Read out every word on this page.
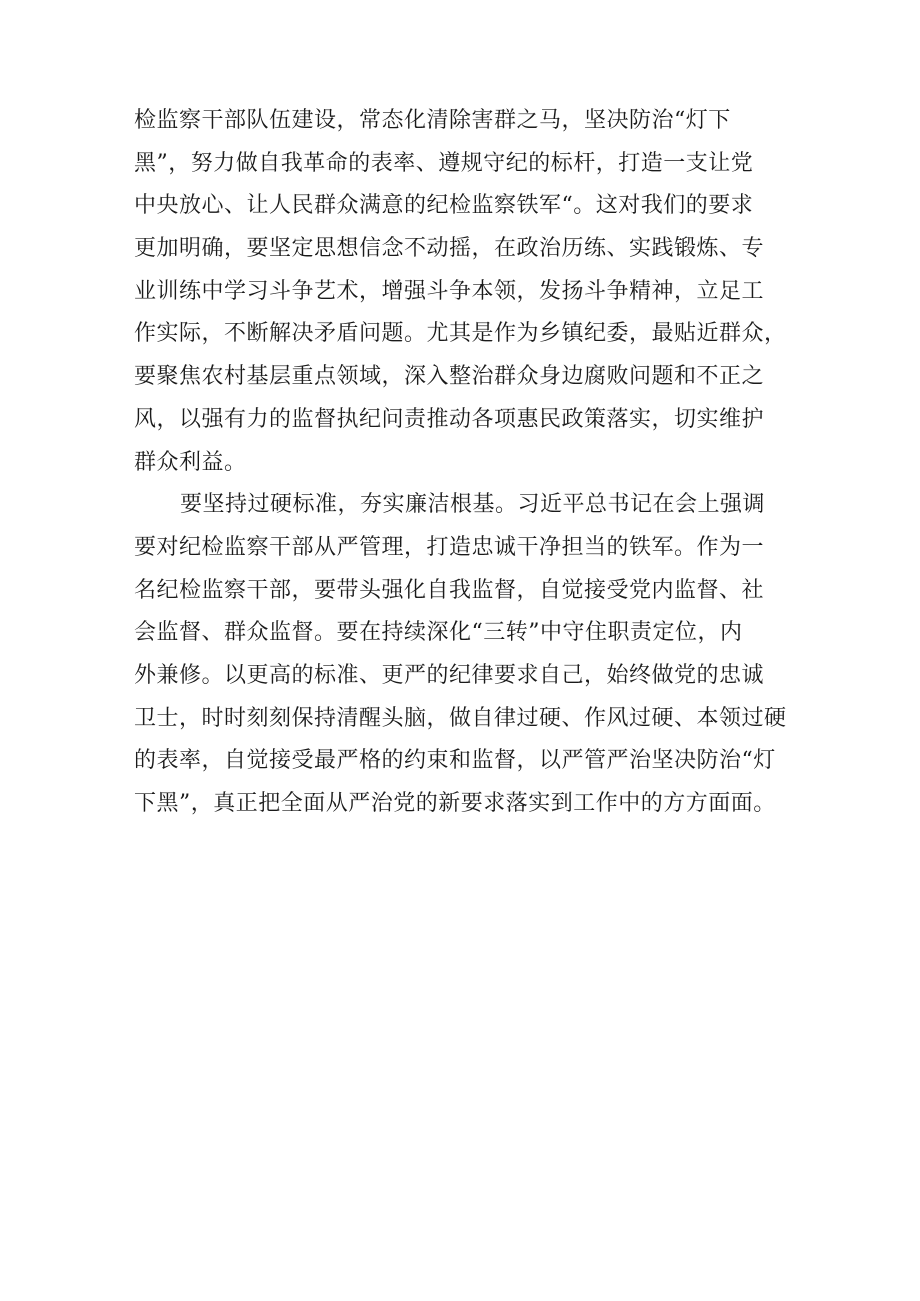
检监察干部队伍建设，常态化清除害群之马，坚决防治“灯下
黑”，努力做自我革命的表率、遵规守纪的标杆，打造一支让党
中央放心、让人民群众满意的纪检监察铁军“。这对我们的要求
更加明确，要坚定思想信念不动摇，在政治历练、实践锻炼、专
业训练中学习斗争艺术，增强斗争本领，发扬斗争精神，立足工
作实际，不断解决矛盾问题。尤其是作为乡镇纪委，最贴近群众，
要聚焦农村基层重点领域，深入整治群众身边腐败问题和不正之
风，以强有力的监督执纪问责推动各项惠民政策落实，切实维护
群众利益。
要坚持过硬标准，夯实廉洁根基。习近平总书记在会上强调
要对纪检监察干部从严管理，打造忠诚干净担当的铁军。作为一
名纪检监察干部，要带头强化自我监督，自觉接受党内监督、社
会监督、群众监督。要在持续深化“三转”中守住职责定位，内
外兼修。以更高的标准、更严的纪律要求自己，始终做党的忠诚
卫士，时时刻刻保持清醒头脑，做自律过硬、作风过硬、本领过硬
的表率，自觉接受最严格的约束和监督，以严管严治坚决防治“灯
下黑”，真正把全面从严治党的新要求落实到工作中的方方面面。
